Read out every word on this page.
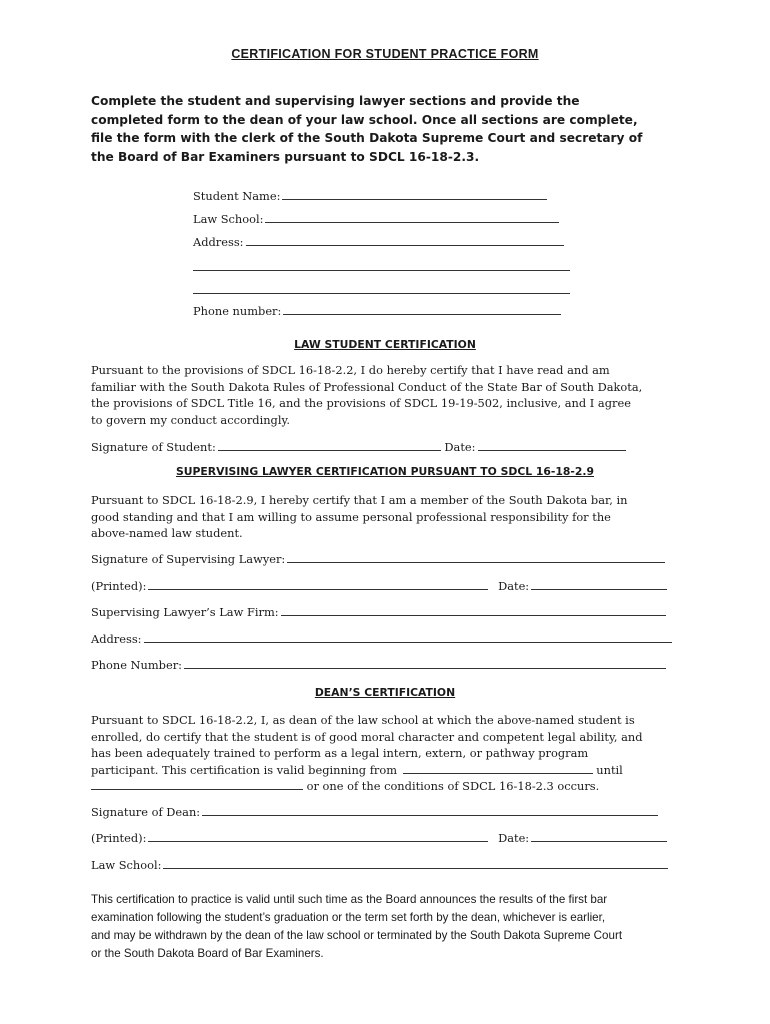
CERTIFICATION FOR STUDENT PRACTICE FORM
Complete the student and supervising lawyer sections and provide the
completed form to the dean of your law school. Once all sections are complete,
file the form with the clerk of the South Dakota Supreme Court and secretary of
the Board of Bar Examiners pursuant to SDCL 16-18-2.3.
Student Name:
Law School:
Address:
Phone number:
LAW STUDENT CERTIFICATION
Pursuant to the provisions of SDCL 16-18-2.2, I do hereby certify that I have read and am
familiar with the South Dakota Rules of Professional Conduct of the State Bar of South Dakota,
the provisions of SDCL Title 16, and the provisions of SDCL 19-19-502, inclusive, and I agree
to govern my conduct accordingly.
Signature of Student:	Date:
SUPERVISING LAWYER CERTIFICATION PURSUANT TO SDCL 16-18-2.9
Pursuant to SDCL 16-18-2.9, I hereby certify that I am a member of the South Dakota bar, in
good standing and that I am willing to assume personal professional responsibility for the
above-named law student.
Signature of Supervising Lawyer:
(Printed):	Date:
Supervising Lawyer’s Law Firm:
Address:
Phone Number:
DEAN’S CERTIFICATION
Pursuant to SDCL 16-18-2.2, I, as dean of the law school at which the above-named student is
enrolled, do certify that the student is of good moral character and competent legal ability, and
has been adequately trained to perform as a legal intern, extern, or pathway program
participant. This certification is valid beginning from	until
or one of the conditions of SDCL 16-18-2.3 occurs.
Signature of Dean:
(Printed):	Date:
Law School:
This certification to practice is valid until such time as the Board announces the results of the first bar
examination following the student’s graduation or the term set forth by the dean, whichever is earlier,
and may be withdrawn by the dean of the law school or terminated by the South Dakota Supreme Court
or the South Dakota Board of Bar Examiners.
